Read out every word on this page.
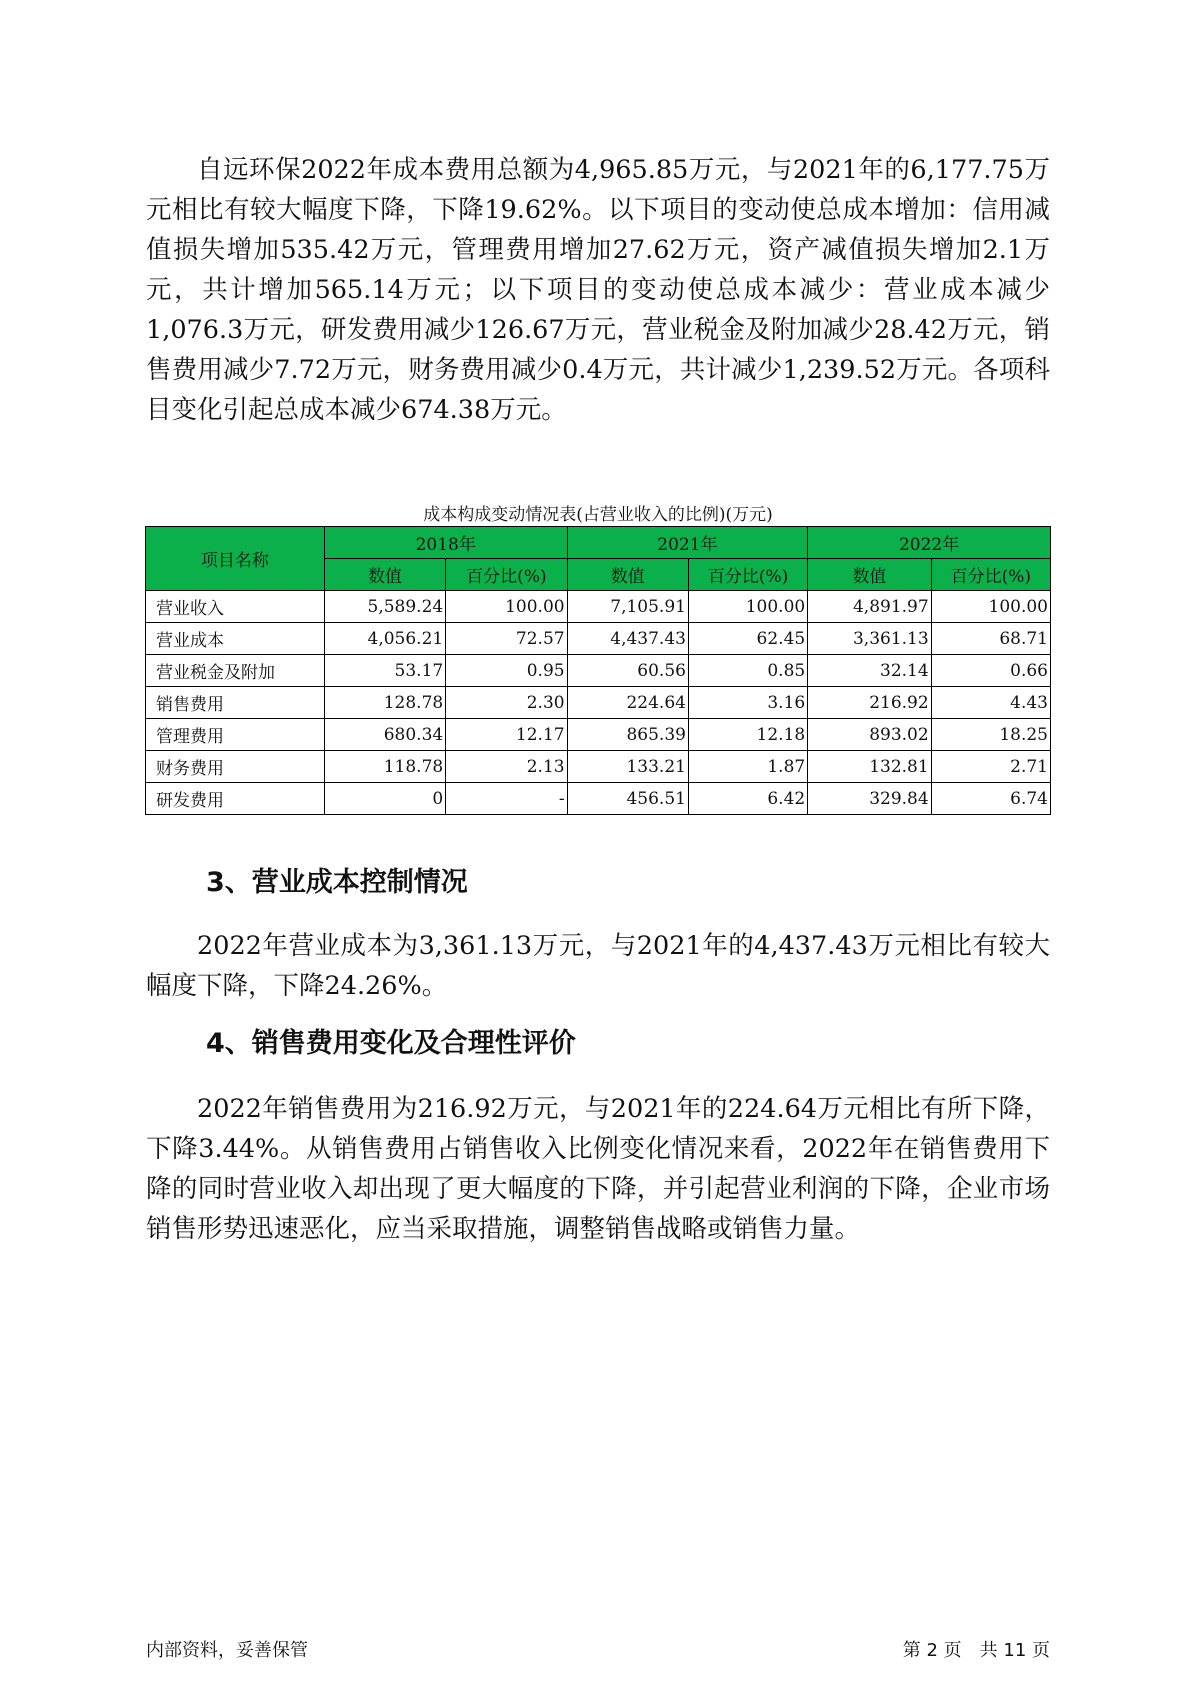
自远环保2022年成本费用总额为4,965.85万元，与2021年的6,177.75万元相比有较大幅度下降，下降19.62%。以下项目的变动使总成本增加：信用减值损失增加535.42万元，管理费用增加27.62万元，资产减值损失增加2.1万元，共计增加565.14万元；以下项目的变动使总成本减少：营业成本减少1,076.3万元，研发费用减少126.67万元，营业税金及附加减少28.42万元，销售费用减少7.72万元，财务费用减少0.4万元，共计减少1,239.52万元。各项科目变化引起总成本减少674.38万元。

成本构成变动情况表(占营业收入的比例)(万元)

项目名称	2018年		2021年		2022年	
	数值	百分比(%)	数值	百分比(%)	数值	百分比(%)
营业收入	5,589.24	100.00	7,105.91	100.00	4,891.97	100.00
营业成本	4,056.21	72.57	4,437.43	62.45	3,361.13	68.71
营业税金及附加	53.17	0.95	60.56	0.85	32.14	0.66
销售费用	128.78	2.30	224.64	3.16	216.92	4.43
管理费用	680.34	12.17	865.39	12.18	893.02	18.25
财务费用	118.78	2.13	133.21	1.87	132.81	2.71
研发费用	0	-	456.51	6.42	329.84	6.74
3、营业成本控制情况

2022年营业成本为3,361.13万元，与2021年的4,437.43万元相比有较大幅度下降，下降24.26%。

4、销售费用变化及合理性评价

2022年销售费用为216.92万元，与2021年的224.64万元相比有所下降，下降3.44%。从销售费用占销售收入比例变化情况来看，2022年在销售费用下降的同时营业收入却出现了更大幅度的下降，并引起营业利润的下降，企业市场销售形势迅速恶化，应当采取措施，调整销售战略或销售力量。

内部资料，妥善保管	第 2 页　共 11 页
